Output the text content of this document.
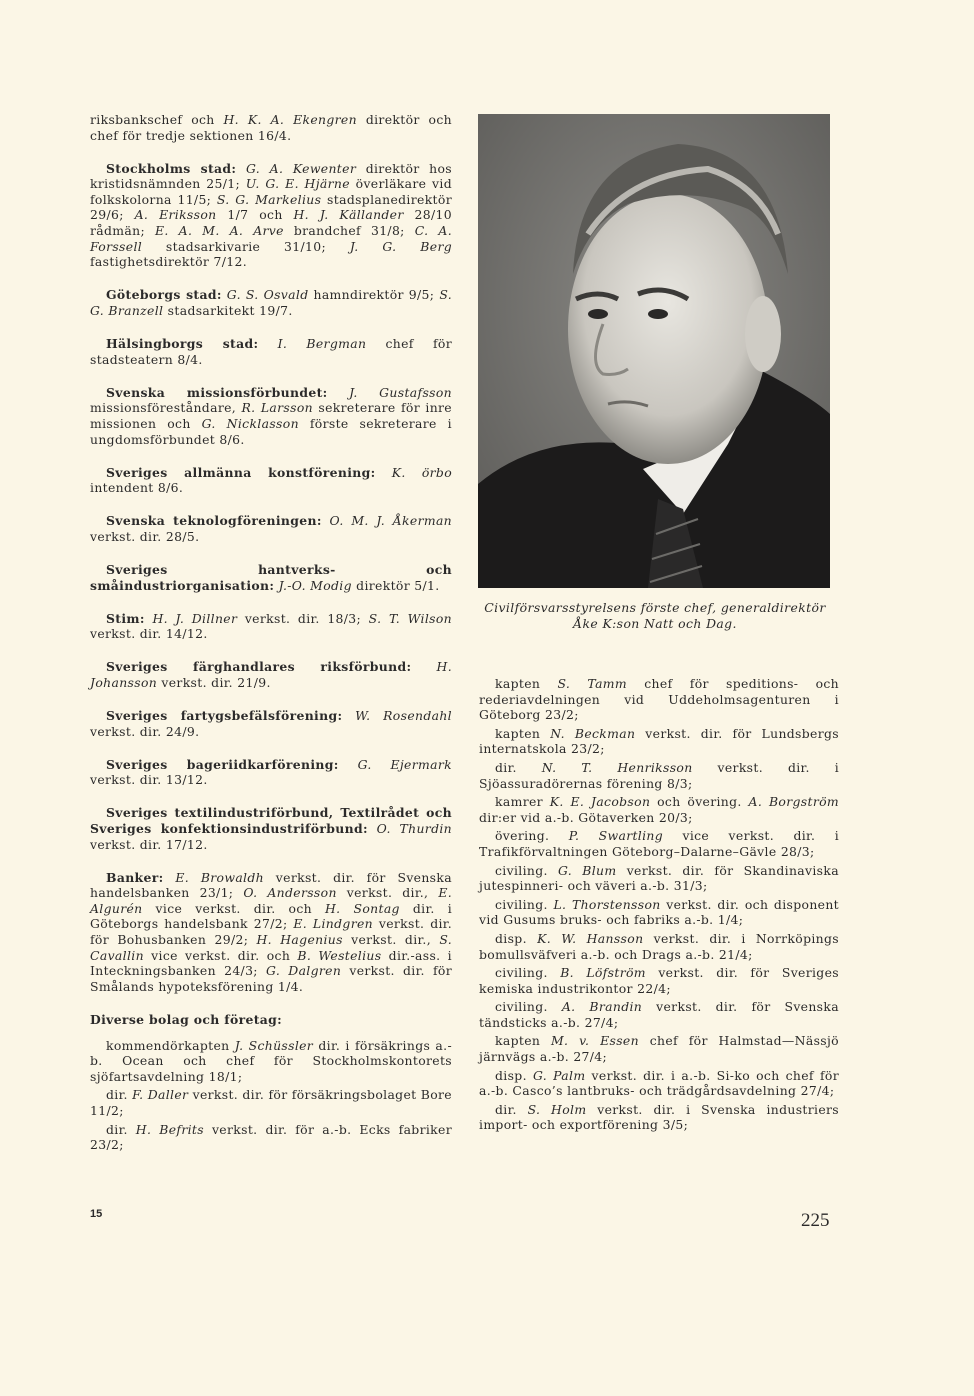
riksbankschef och H. K. A. Ekengren direktör och chef för tredje sektionen 16/4.

Stockholms stad: G. A. Kewenter direktör hos kristidsnämnden 25/1; U. G. E. Hjärne överläkare vid folkskolorna 11/5; S. G. Markelius stadsplanedirektör 29/6; A. Eriksson 1/7 och H. J. Källander 28/10 rådmän; E. A. M. A. Arve brandchef 31/8; C. A. Forssell stadsarkivarie 31/10; J. G. Berg fastighetsdirektör 7/12.

Göteborgs stad: G. S. Osvald hamndirektör 9/5; S. G. Branzell stadsarkitekt 19/7.

Hälsingborgs stad: I. Bergman chef för stadsteatern 8/4.

Svenska missionsförbundet: J. Gustafsson missionsföreståndare, R. Larsson sekreterare för inre missionen och G. Nicklasson förste sekreterare i ungdomsförbundet 8/6.

Sveriges allmänna konstförening: K. örbo intendent 8/6.

Svenska teknologföreningen: O. M. J. Åkerman verkst. dir. 28/5.

Sveriges hantverks- och småindustriorganisation: J.-O. Modig direktör 5/1.

Stim: H. J. Dillner verkst. dir. 18/3; S. T. Wilson verkst. dir. 14/12.

Sveriges färghandlares riksförbund: H. Johansson verkst. dir. 21/9.

Sveriges fartygsbefälsförening: W. Rosendahl verkst. dir. 24/9.

Sveriges bageriidkarförening: G. Ejermark verkst. dir. 13/12.

Sveriges textilindustriförbund, Textilrådet och Sveriges konfektionsindustriförbund: O. Thurdin verkst. dir. 17/12.

Banker: E. Browaldh verkst. dir. för Svenska handelsbanken 23/1; O. Andersson verkst. dir., E. Algurén vice verkst. dir. och H. Sontag dir. i Göteborgs handelsbank 27/2; E. Lindgren verkst. dir. för Bohusbanken 29/2; H. Hagenius verkst. dir., S. Cavallin vice verkst. dir. och B. Westelius dir.-ass. i Inteckningsbanken 24/3; G. Dalgren verkst. dir. för Smålands hypoteksförening 1/4.

Diverse bolag och företag:

kommendörkapten J. Schüssler dir. i försäkrings a.-b. Ocean och chef för Stockholmskontorets sjöfartsavdelning 18/1;

dir. F. Daller verkst. dir. för försäkringsbolaget Bore 11/2;

dir. H. Befrits verkst. dir. för a.-b. Ecks fabriker 23/2;

Civilförsvarsstyrelsens förste chef, generaldirektör Åke K:son Natt och Dag.

kapten S. Tamm chef för speditions- och rederiavdelningen vid Uddeholmsagenturen i Göteborg 23/2;

kapten N. Beckman verkst. dir. för Lundsbergs internatskola 23/2;

dir. N. T. Henriksson verkst. dir. i Sjöassuradörernas förening 8/3;

kamrer K. E. Jacobson och övering. A. Borgström dir:er vid a.-b. Götaverken 20/3;

övering. P. Swartling vice verkst. dir. i Trafikförvaltningen Göteborg–Dalarne–Gävle 28/3;

civiling. G. Blum verkst. dir. för Skandinaviska jutespinneri- och väveri a.-b. 31/3;

civiling. L. Thorstensson verkst. dir. och disponent vid Gusums bruks- och fabriks a.-b. 1/4;

disp. K. W. Hansson verkst. dir. i Norrköpings bomullsväfveri a.-b. och Drags a.-b. 21/4;

civiling. B. Löfström verkst. dir. för Sveriges kemiska industrikontor 22/4;

civiling. A. Brandin verkst. dir. för Svenska tändsticks a.-b. 27/4;

kapten M. v. Essen chef för Halmstad—Nässjö järnvägs a.-b. 27/4;

disp. G. Palm verkst. dir. i a.-b. Si-ko och chef för a.-b. Casco’s lantbruks- och trädgårdsavdelning 27/4;

dir. S. Holm verkst. dir. i Svenska industriers import- och exportförening 3/5;

15	225
